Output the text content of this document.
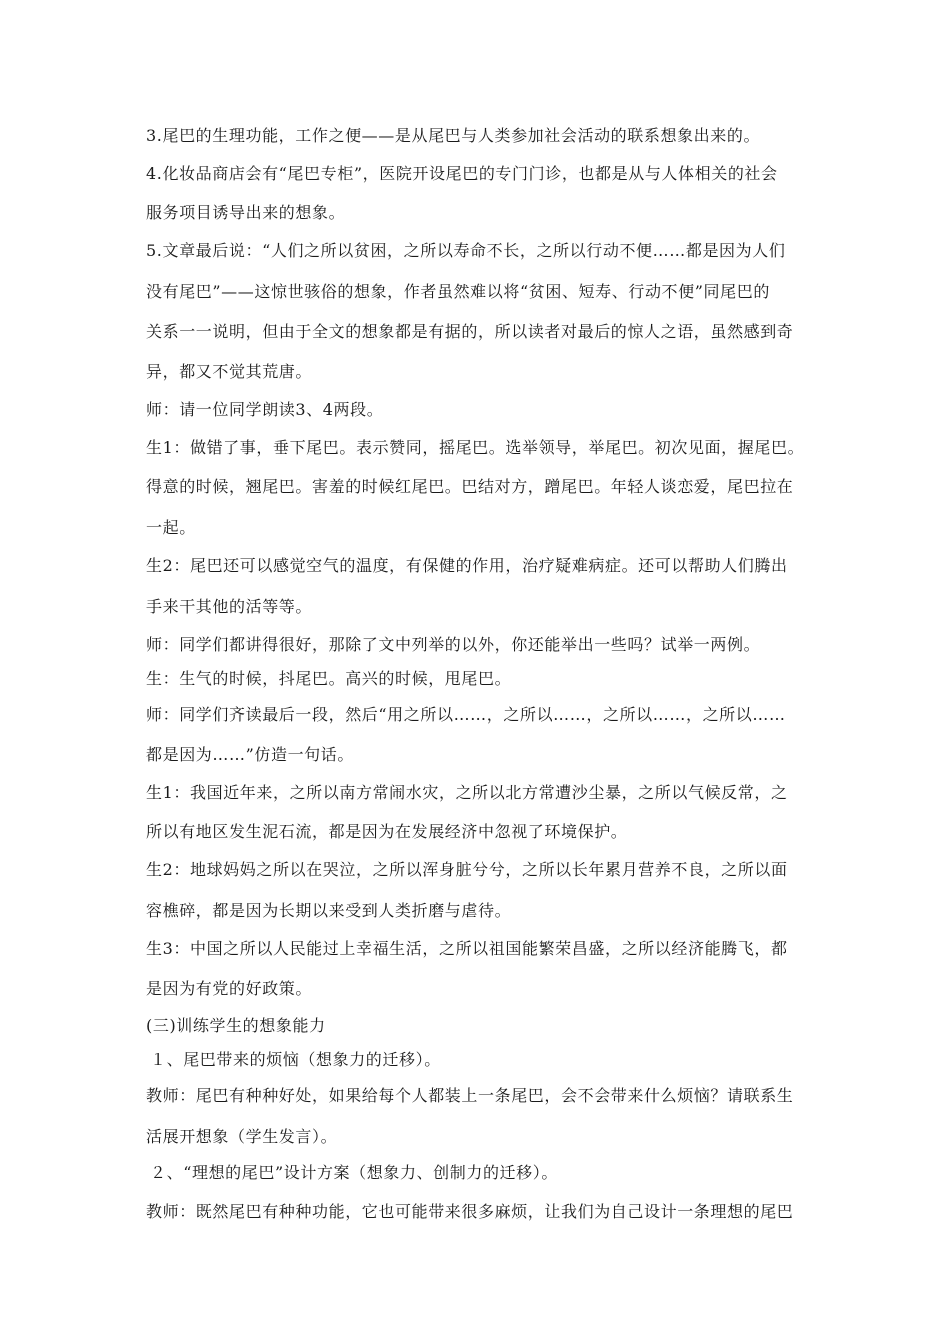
3.尾巴的生理功能，工作之便——是从尾巴与人类参加社会活动的联系想象出来的。
4.化妆品商店会有“尾巴专柜”，医院开设尾巴的专门门诊，也都是从与人体相关的社会
服务项目诱导出来的想象。
5.文章最后说：“人们之所以贫困，之所以寿命不长，之所以行动不便……都是因为人们
没有尾巴”——这惊世骇俗的想象，作者虽然难以将“贫困、短寿、行动不便”同尾巴的
关系一一说明，但由于全文的想象都是有据的，所以读者对最后的惊人之语，虽然感到奇
异，都又不觉其荒唐。
师：请一位同学朗读3、4两段。
生1：做错了事，垂下尾巴。表示赞同，摇尾巴。选举领导，举尾巴。初次见面，握尾巴。
得意的时候，翘尾巴。害羞的时候红尾巴。巴结对方，蹭尾巴。年轻人谈恋爱，尾巴拉在
一起。
生2：尾巴还可以感觉空气的温度，有保健的作用，治疗疑难病症。还可以帮助人们腾出
手来干其他的活等等。
师：同学们都讲得很好，那除了文中列举的以外，你还能举出一些吗？试举一两例。
生：生气的时候，抖尾巴。高兴的时候，甩尾巴。
师：同学们齐读最后一段，然后“用之所以……，之所以……，之所以……，之所以……
都是因为……”仿造一句话。
生1：我国近年来，之所以南方常闹水灾，之所以北方常遭沙尘暴，之所以气候反常，之
所以有地区发生泥石流，都是因为在发展经济中忽视了环境保护。
生2：地球妈妈之所以在哭泣，之所以浑身脏兮兮，之所以长年累月营养不良，之所以面
容樵碎，都是因为长期以来受到人类折磨与虐待。
生3：中国之所以人民能过上幸福生活，之所以祖国能繁荣昌盛，之所以经济能腾飞，都
是因为有党的好政策。
(三)训练学生的想象能力
１、尾巴带来的烦恼（想象力的迁移）。
教师：尾巴有种种好处，如果给每个人都装上一条尾巴，会不会带来什么烦恼？请联系生
活展开想象（学生发言）。
２、“理想的尾巴”设计方案（想象力、创制力的迁移）。
教师：既然尾巴有种种功能，它也可能带来很多麻烦，让我们为自己设计一条理想的尾巴
